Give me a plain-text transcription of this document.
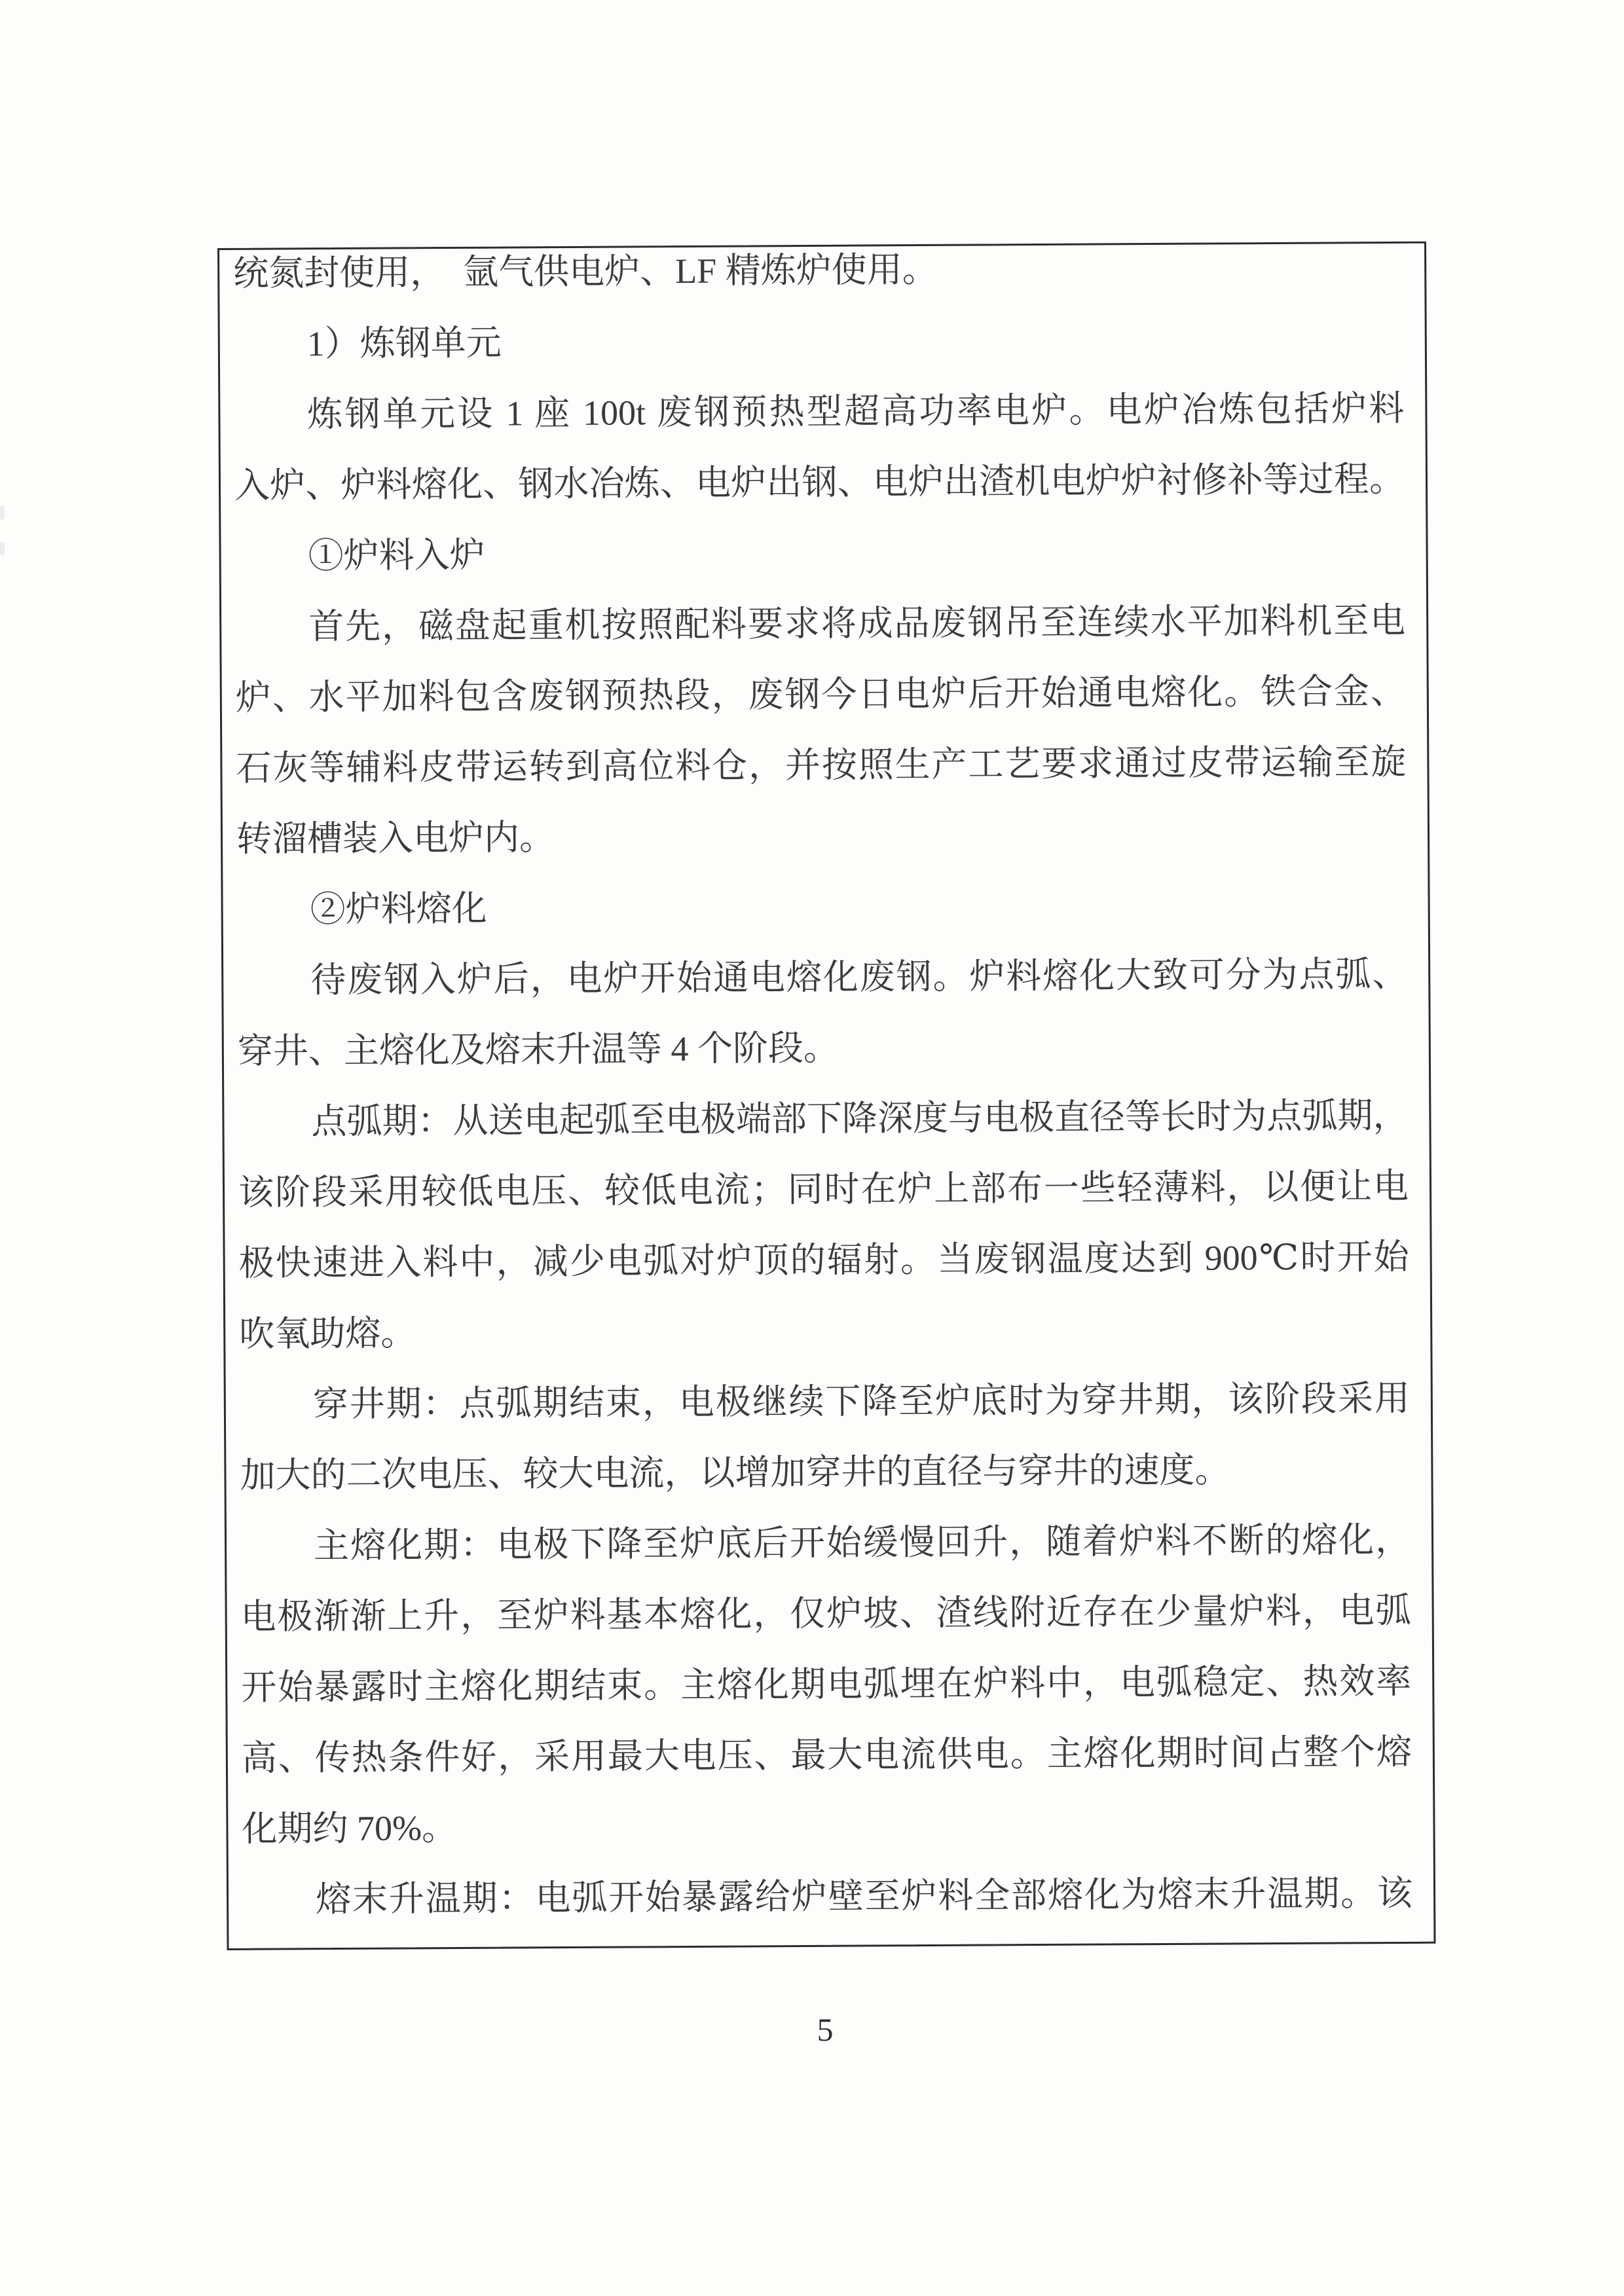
统氮封使用，　氩气供电炉、LF 精炼炉使用。
1）炼钢单元
炼钢单元设 1 座 100t 废钢预热型超高功率电炉。电炉冶炼包括炉料
入炉、炉料熔化、钢水冶炼、电炉出钢、电炉出渣机电炉炉衬修补等过程。
①炉料入炉
首先，磁盘起重机按照配料要求将成品废钢吊至连续水平加料机至电
炉、水平加料包含废钢预热段，废钢今日电炉后开始通电熔化。铁合金、
石灰等辅料皮带运转到高位料仓，并按照生产工艺要求通过皮带运输至旋
转溜槽装入电炉内。
②炉料熔化
待废钢入炉后，电炉开始通电熔化废钢。炉料熔化大致可分为点弧、
穿井、主熔化及熔末升温等 4 个阶段。
点弧期：从送电起弧至电极端部下降深度与电极直径等长时为点弧期，
该阶段采用较低电压、较低电流；同时在炉上部布一些轻薄料，以便让电
极快速进入料中，减少电弧对炉顶的辐射。当废钢温度达到 900℃时开始
吹氧助熔。
穿井期：点弧期结束，电极继续下降至炉底时为穿井期，该阶段采用
加大的二次电压、较大电流，以增加穿井的直径与穿井的速度。
主熔化期：电极下降至炉底后开始缓慢回升，随着炉料不断的熔化，
电极渐渐上升，至炉料基本熔化，仅炉坡、渣线附近存在少量炉料，电弧
开始暴露时主熔化期结束。主熔化期电弧埋在炉料中，电弧稳定、热效率
高、传热条件好，采用最大电压、最大电流供电。主熔化期时间占整个熔
化期约 70%。
熔末升温期：电弧开始暴露给炉壁至炉料全部熔化为熔末升温期。该
5
